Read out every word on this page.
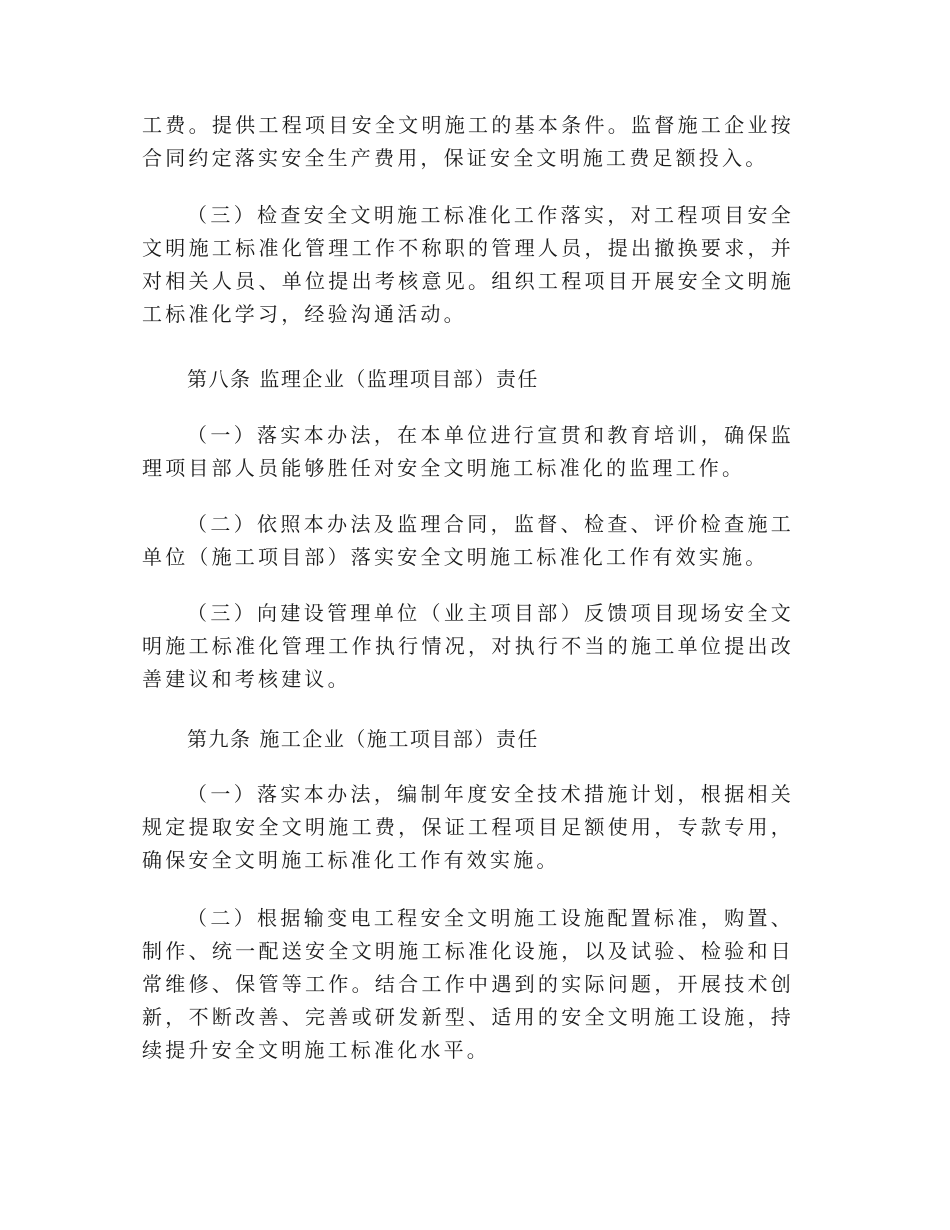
工费。提供工程项目安全文明施工的基本条件。监督施工企业按合同约定落实安全生产费用，保证安全文明施工费足额投入。

（三）检查安全文明施工标准化工作落实，对工程项目安全文明施工标准化管理工作不称职的管理人员，提出撤换要求，并对相关人员、单位提出考核意见。组织工程项目开展安全文明施工标准化学习，经验沟通活动。

第八条 监理企业（监理项目部）责任

（一）落实本办法，在本单位进行宣贯和教育培训，确保监理项目部人员能够胜任对安全文明施工标准化的监理工作。

（二）依照本办法及监理合同，监督、检查、评价检查施工单位（施工项目部）落实安全文明施工标准化工作有效实施。

（三）向建设管理单位（业主项目部）反馈项目现场安全文明施工标准化管理工作执行情况，对执行不当的施工单位提出改善建议和考核建议。

第九条 施工企业（施工项目部）责任

（一）落实本办法，编制年度安全技术措施计划，根据相关规定提取安全文明施工费，保证工程项目足额使用，专款专用，确保安全文明施工标准化工作有效实施。

（二）根据输变电工程安全文明施工设施配置标准，购置、制作、统一配送安全文明施工标准化设施，以及试验、检验和日常维修、保管等工作。结合工作中遇到的实际问题，开展技术创新，不断改善、完善或研发新型、适用的安全文明施工设施，持续提升安全文明施工标准化水平。
